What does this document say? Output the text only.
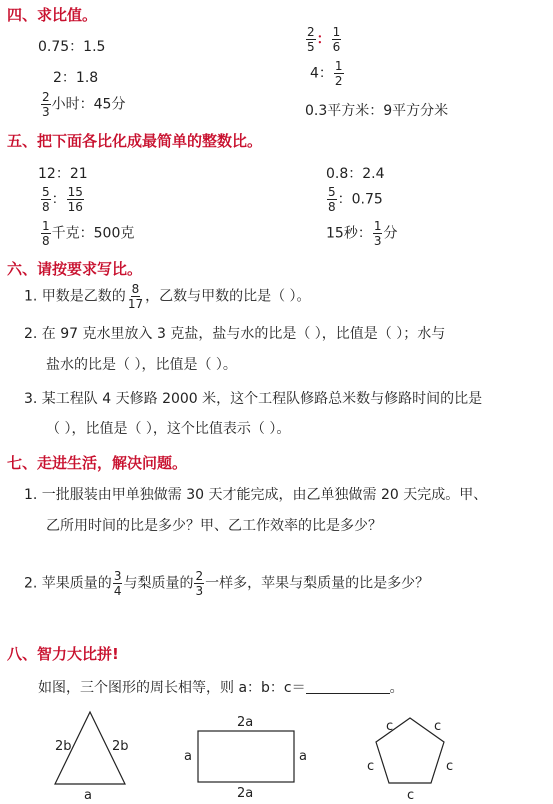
四、求比值。
0.75：1.5	$\frac{2}{5}$ ： $\frac{1}{6}$
2：1.8	4： $\frac{1}{2}$
$\frac{2}{3}$ 小时：45分	0.3平方米：9平方分米
五、把下面各比化成最简单的整数比。
12：21	0.8：2.4
$\frac{5}{8}$ ： $\frac{15}{16}$	$\frac{5}{8}$ ：0.75
$\frac{1}{8}$ 千克：500克	15秒： $\frac{1}{3}$ 分
六、请按要求写比。
1. 甲数是乙数的 $\frac{8}{17}$ ，乙数与甲数的比是（ ）。
2. 在 97 克水里放入 3 克盐，盐与水的比是（ ），比值是（ ）；水与
盐水的比是（ ），比值是（ ）。
3. 某工程队 4 天修路 2000 米，这个工程队修路总米数与修路时间的比是
（ ），比值是（ ），这个比值表示（ ）。
七、走进生活，解决问题。
1. 一批服装由甲单独做需 30 天才能完成，由乙单独做需 20 天完成。甲、
乙所用时间的比是多少？甲、乙工作效率的比是多少？
2. 苹果质量的 $\frac{3}{4}$ 与梨质量的 $\frac{2}{3}$ 一样多，苹果与梨质量的比是多少？
八、智力大比拼!
如图，三个图形的周长相等，则 a：b：c＝	。
2b	2b
a
2a
2a
a	a
c	c
c	c
c
